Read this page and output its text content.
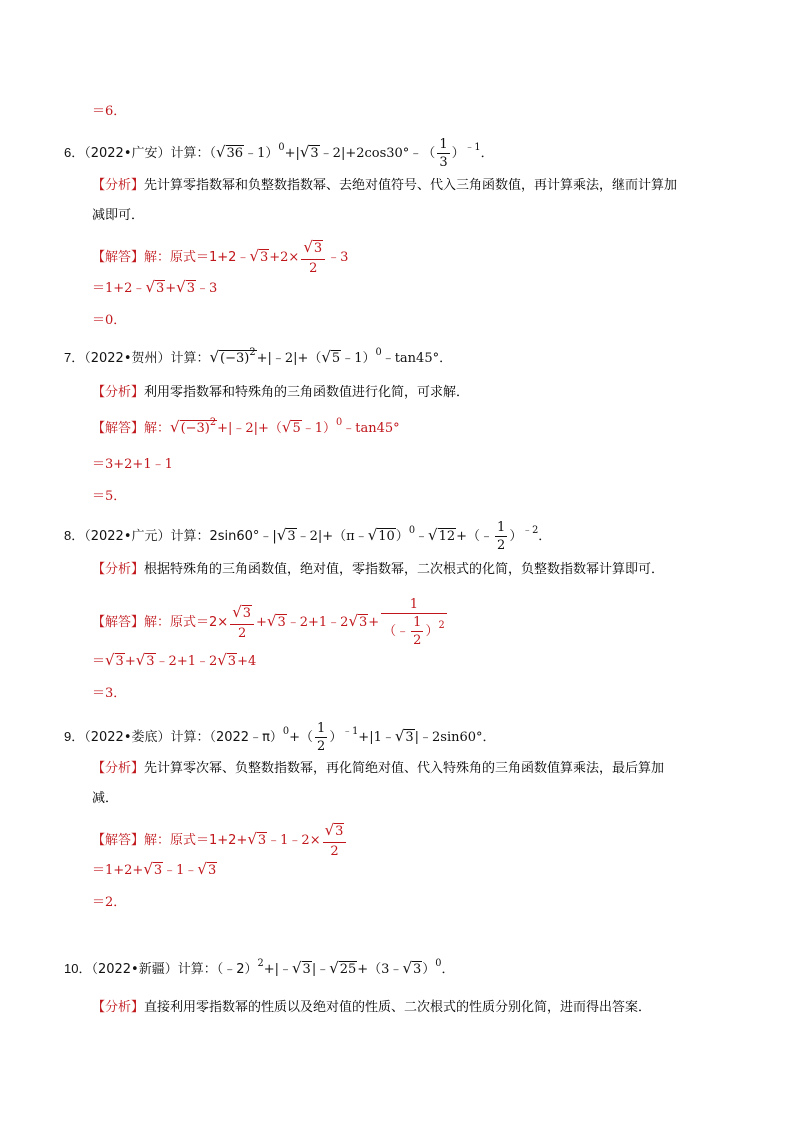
＝6．
6．（2022•广安）计算：（ √ 36 ﹣1）$^0$+| √ 3 ﹣2|+2cos30°﹣（ $\frac{1}{3} )^{﹣1}$．
【分析】先计算零指数幂和负整数指数幂、去绝对值符号、代入三角函数值，再计算乘法，继而计算加
减即可．
【解答】解：原式＝1+2﹣ √ $3 +2\times \frac{√ 3}{2}$ ﹣3
＝1+2﹣ √ 3 + √ 3 ﹣3
＝0．
7．（2022•贺州）计算： √ $(-3)^2$ +|﹣2|+（ √ 5 ﹣1）$^0$﹣tan45°．
【分析】利用零指数幂和特殊角的三角函数值进行化简，可求解．
【解答】解： √ $(-3)^2$ +|﹣2|+（ √ 5 ﹣1）$^0$﹣tan45°
＝3+2+1﹣1
＝5．
8．（2022•广元）计算：2sin60°﹣| √ 3 ﹣2|+（π﹣ √ 10 ）$^0$﹣ √ 12 +（﹣ $\frac{1}{2} )^{﹣2}$．
【分析】根据特殊角的三角函数值，绝对值，零指数幂，二次根式的化简，负整数指数幂计算即可．
【解答】解：原式$=2\times \frac{√ 3}{2}$ + √ 3 ﹣2+1﹣2 √ $3 + \frac{1}{(﹣ \frac{1}{2} )^2}$
＝ √ 3 + √ 3 ﹣2+1﹣2 √ 3 +4
＝3．
9．（2022•娄底）计算：（2022﹣π）$^0$+（ $\frac{1}{2}$ ）$^{﹣1}$+|1﹣ √ 3 |﹣2sin60°．
【分析】先计算零次幂、负整数指数幂，再化简绝对值、代入特殊角的三角函数值算乘法，最后算加
减．
【解答】解：原式＝1+2+ √ 3 ﹣1﹣2× $\frac{√ 3}{2}$
＝1+2+ √ 3 ﹣1﹣ √ 3
＝2．
10．（2022•新疆）计算：（﹣2）$^2$+|﹣ √ 3 |﹣ √ 25 +（3﹣ √ 3 ）$^0$．
【分析】直接利用零指数幂的性质以及绝对值的性质、二次根式的性质分别化简，进而得出答案．
